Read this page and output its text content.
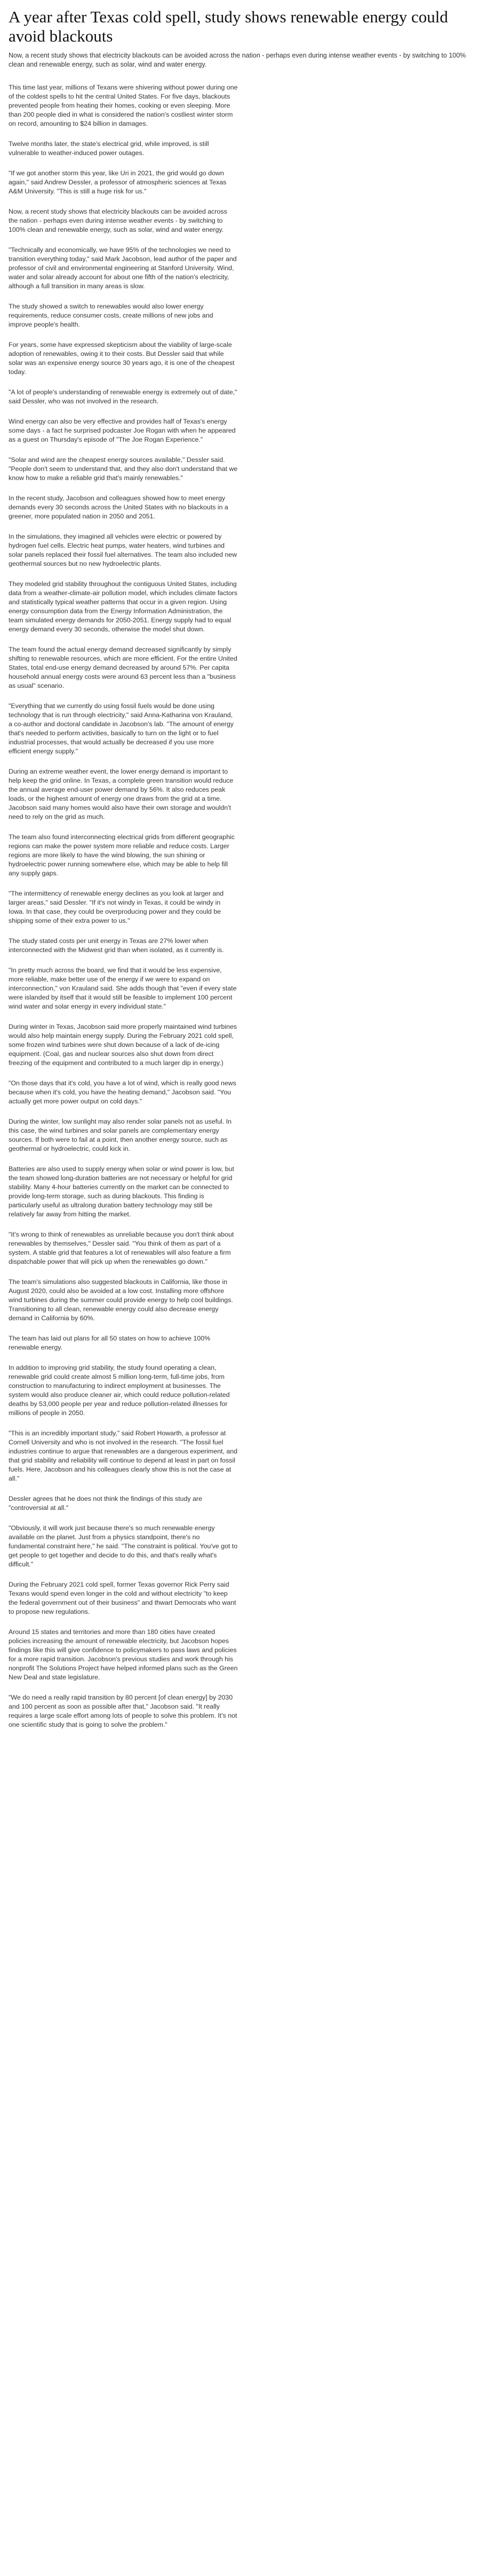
A year after Texas cold spell, study shows renewable energy could avoid blackouts

Now, a recent study shows that electricity blackouts can be avoided across the nation - perhaps even during intense weather events - by switching to 100% clean and renewable energy, such as solar, wind and water energy.

This time last year, millions of Texans were shivering without power during one of the coldest spells to hit the central United States. For five days, blackouts prevented people from heating their homes, cooking or even sleeping. More than 200 people died in what is considered the nation's costliest winter storm on record, amounting to $24 billion in damages.

Twelve months later, the state's electrical grid, while improved, is still vulnerable to weather-induced power outages.

"If we got another storm this year, like Uri in 2021, the grid would go down again," said Andrew Dessler, a professor of atmospheric sciences at Texas A&M University. "This is still a huge risk for us."

Now, a recent study shows that electricity blackouts can be avoided across the nation - perhaps even during intense weather events - by switching to 100% clean and renewable energy, such as solar, wind and water energy.

"Technically and economically, we have 95% of the technologies we need to transition everything today," said Mark Jacobson, lead author of the paper and professor of civil and environmental engineering at Stanford University. Wind, water and solar already account for about one fifth of the nation's electricity, although a full transition in many areas is slow.

The study showed a switch to renewables would also lower energy requirements, reduce consumer costs, create millions of new jobs and improve people's health.

For years, some have expressed skepticism about the viability of large-scale adoption of renewables, owing it to their costs. But Dessler said that while solar was an expensive energy source 30 years ago, it is one of the cheapest today.

"A lot of people's understanding of renewable energy is extremely out of date," said Dessler, who was not involved in the research.

Wind energy can also be very effective and provides half of Texas's energy some days - a fact he surprised podcaster Joe Rogan with when he appeared as a guest on Thursday's episode of "The Joe Rogan Experience."

"Solar and wind are the cheapest energy sources available," Dessler said. "People don't seem to understand that, and they also don't understand that we know how to make a reliable grid that's mainly renewables."

In the recent study, Jacobson and colleagues showed how to meet energy demands every 30 seconds across the United States with no blackouts in a greener, more populated nation in 2050 and 2051.

In the simulations, they imagined all vehicles were electric or powered by hydrogen fuel cells. Electric heat pumps, water heaters, wind turbines and solar panels replaced their fossil fuel alternatives. The team also included new geothermal sources but no new hydroelectric plants.

They modeled grid stability throughout the contiguous United States, including data from a weather-climate-air pollution model, which includes climate factors and statistically typical weather patterns that occur in a given region. Using energy consumption data from the Energy Information Administration, the team simulated energy demands for 2050-2051. Energy supply had to equal energy demand every 30 seconds, otherwise the model shut down.

The team found the actual energy demand decreased significantly by simply shifting to renewable resources, which are more efficient. For the entire United States, total end-use energy demand decreased by around 57%. Per capita household annual energy costs were around 63 percent less than a "business as usual" scenario.

"Everything that we currently do using fossil fuels would be done using technology that is run through electricity," said Anna-Katharina von Krauland, a co-author and doctoral candidate in Jacobson's lab. "The amount of energy that's needed to perform activities, basically to turn on the light or to fuel industrial processes, that would actually be decreased if you use more efficient energy supply."

During an extreme weather event, the lower energy demand is important to help keep the grid online. In Texas, a complete green transition would reduce the annual average end-user power demand by 56%. It also reduces peak loads, or the highest amount of energy one draws from the grid at a time. Jacobson said many homes would also have their own storage and wouldn't need to rely on the grid as much.

The team also found interconnecting electrical grids from different geographic regions can make the power system more reliable and reduce costs. Larger regions are more likely to have the wind blowing, the sun shining or hydroelectric power running somewhere else, which may be able to help fill any supply gaps.

"The intermittency of renewable energy declines as you look at larger and larger areas," said Dessler. "If it's not windy in Texas, it could be windy in Iowa. In that case, they could be overproducing power and they could be shipping some of their extra power to us."

The study stated costs per unit energy in Texas are 27% lower when interconnected with the Midwest grid than when isolated, as it currently is.

"In pretty much across the board, we find that it would be less expensive, more reliable, make better use of the energy if we were to expand on interconnection," von Krauland said. She adds though that "even if every state were islanded by itself that it would still be feasible to implement 100 percent wind water and solar energy in every individual state."

During winter in Texas, Jacobson said more properly maintained wind turbines would also help maintain energy supply. During the February 2021 cold spell, some frozen wind turbines were shut down because of a lack of de-icing equipment. (Coal, gas and nuclear sources also shut down from direct freezing of the equipment and contributed to a much larger dip in energy.)

"On those days that it's cold, you have a lot of wind, which is really good news because when it's cold, you have the heating demand," Jacobson said. "You actually get more power output on cold days."

During the winter, low sunlight may also render solar panels not as useful. In this case, the wind turbines and solar panels are complementary energy sources. If both were to fail at a point, then another energy source, such as geothermal or hydroelectric, could kick in.

Batteries are also used to supply energy when solar or wind power is low, but the team showed long-duration batteries are not necessary or helpful for grid stability. Many 4-hour batteries currently on the market can be connected to provide long-term storage, such as during blackouts. This finding is particularly useful as ultralong duration battery technology may still be relatively far away from hitting the market.

"It's wrong to think of renewables as unreliable because you don't think about renewables by themselves," Dessler said. "You think of them as part of a system. A stable grid that features a lot of renewables will also feature a firm dispatchable power that will pick up when the renewables go down."

The team's simulations also suggested blackouts in California, like those in August 2020, could also be avoided at a low cost. Installing more offshore wind turbines during the summer could provide energy to help cool buildings. Transitioning to all clean, renewable energy could also decrease energy demand in California by 60%.

The team has laid out plans for all 50 states on how to achieve 100% renewable energy.

In addition to improving grid stability, the study found operating a clean, renewable grid could create almost 5 million long-term, full-time jobs, from construction to manufacturing to indirect employment at businesses. The system would also produce cleaner air, which could reduce pollution-related deaths by 53,000 people per year and reduce pollution-related illnesses for millions of people in 2050.

"This is an incredibly important study," said Robert Howarth, a professor at Cornell University and who is not involved in the research. "The fossil fuel industries continue to argue that renewables are a dangerous experiment, and that grid stability and reliability will continue to depend at least in part on fossil fuels. Here, Jacobson and his colleagues clearly show this is not the case at all."

Dessler agrees that he does not think the findings of this study are "controversial at all."

"Obviously, it will work just because there's so much renewable energy available on the planet. Just from a physics standpoint, there's no fundamental constraint here," he said. "The constraint is political. You've got to get people to get together and decide to do this, and that's really what's difficult."

During the February 2021 cold spell, former Texas governor Rick Perry said Texans would spend even longer in the cold and without electricity "to keep the federal government out of their business" and thwart Democrats who want to propose new regulations.

Around 15 states and territories and more than 180 cities have created policies increasing the amount of renewable electricity, but Jacobson hopes findings like this will give confidence to policymakers to pass laws and policies for a more rapid transition. Jacobson's previous studies and work through his nonprofit The Solutions Project have helped informed plans such as the Green New Deal and state legislature.

"We do need a really rapid transition by 80 percent [of clean energy] by 2030 and 100 percent as soon as possible after that," Jacobson said. "It really requires a large scale effort among lots of people to solve this problem. It's not one scientific study that is going to solve the problem."
